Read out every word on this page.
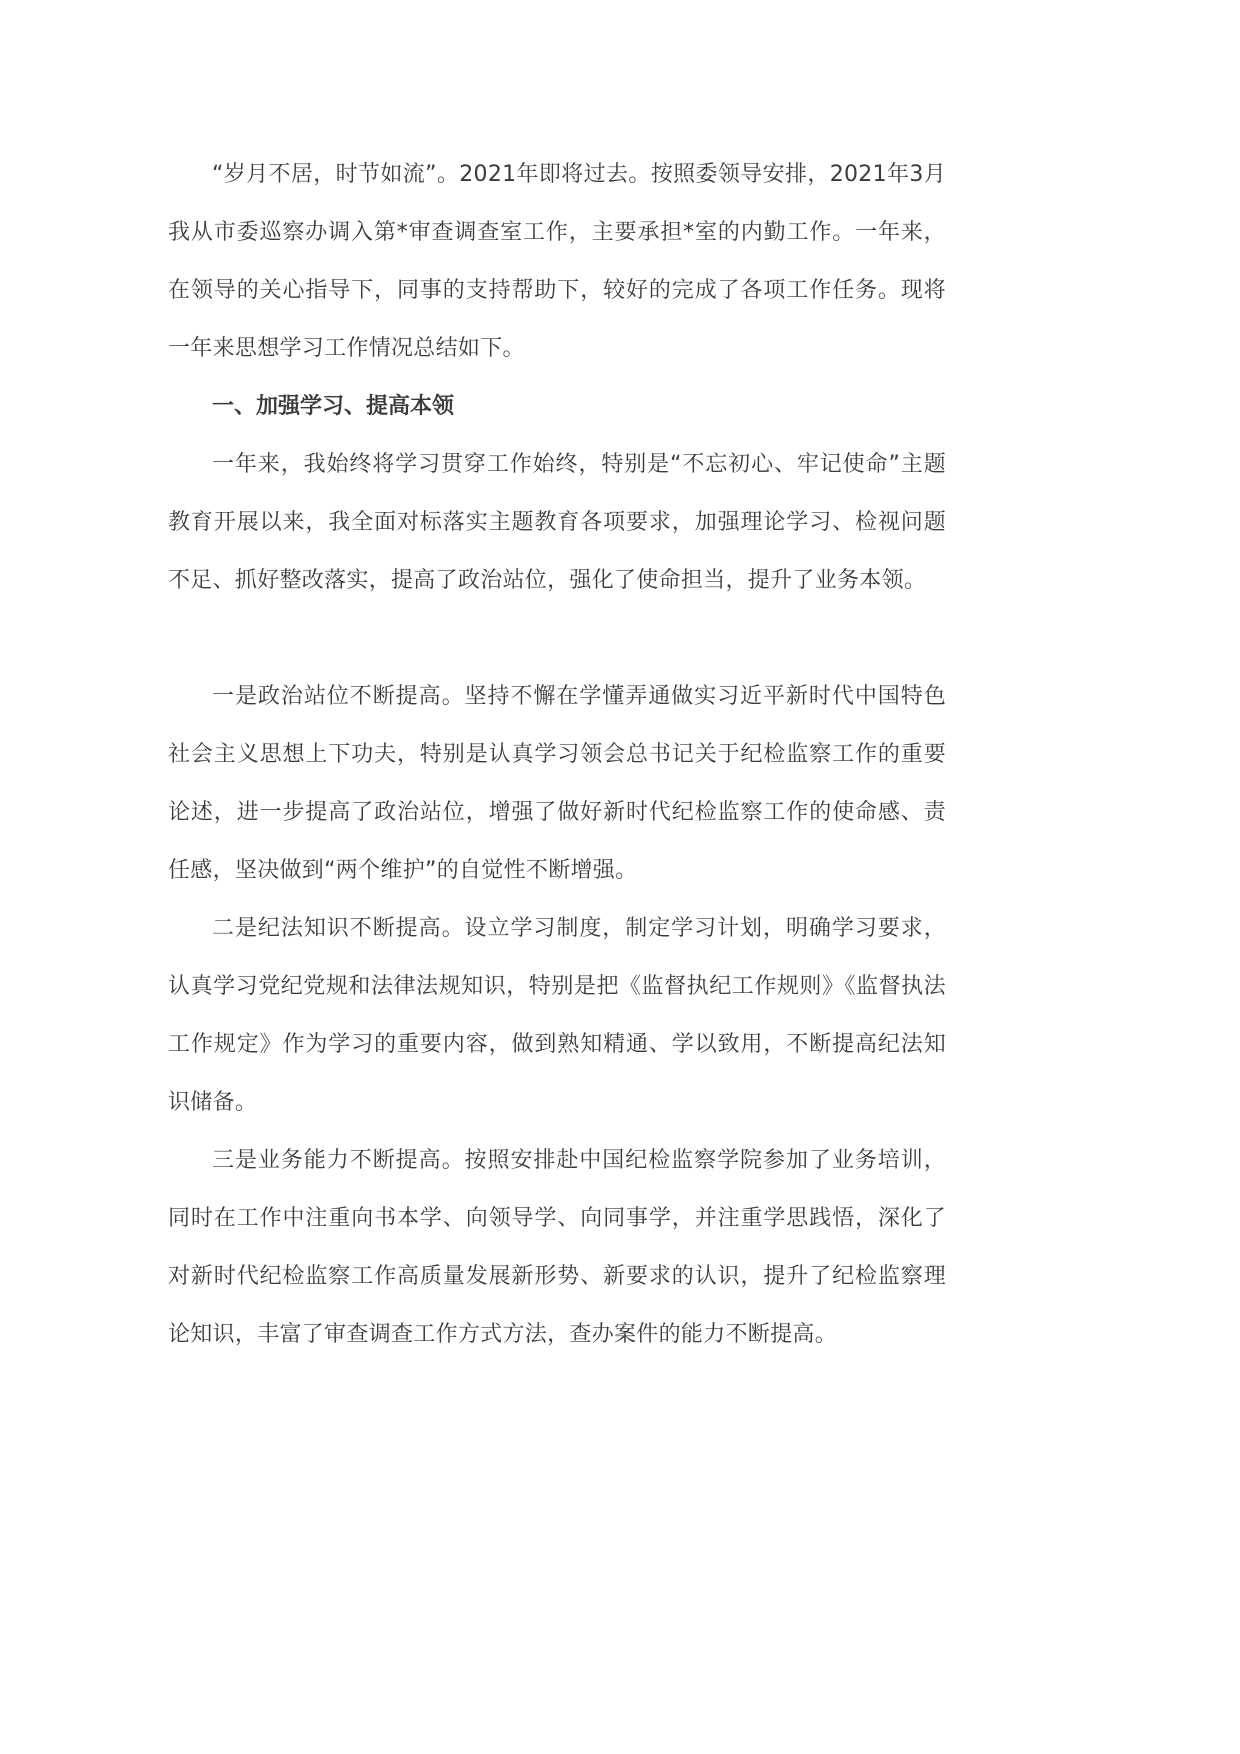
“岁月不居，时节如流”。2021年即将过去。按照委领导安排，2021年3月我从市委巡察办调入第*审查调查室工作，主要承担*室的内勤工作。一年来，在领导的关心指导下，同事的支持帮助下，较好的完成了各项工作任务。现将一年来思想学习工作情况总结如下。

一、加强学习、提高本领

一年来，我始终将学习贯穿工作始终，特别是“不忘初心、牢记使命”主题教育开展以来，我全面对标落实主题教育各项要求，加强理论学习、检视问题不足、抓好整改落实，提高了政治站位，强化了使命担当，提升了业务本领。

一是政治站位不断提高。坚持不懈在学懂弄通做实习近平新时代中国特色社会主义思想上下功夫，特别是认真学习领会总书记关于纪检监察工作的重要论述，进一步提高了政治站位，增强了做好新时代纪检监察工作的使命感、责任感，坚决做到“两个维护”的自觉性不断增强。

二是纪法知识不断提高。设立学习制度，制定学习计划，明确学习要求，认真学习党纪党规和法律法规知识，特别是把《监督执纪工作规则》《监督执法工作规定》作为学习的重要内容，做到熟知精通、学以致用，不断提高纪法知识储备。

三是业务能力不断提高。按照安排赴中国纪检监察学院参加了业务培训，同时在工作中注重向书本学、向领导学、向同事学，并注重学思践悟，深化了对新时代纪检监察工作高质量发展新形势、新要求的认识，提升了纪检监察理论知识，丰富了审查调查工作方式方法，查办案件的能力不断提高。
